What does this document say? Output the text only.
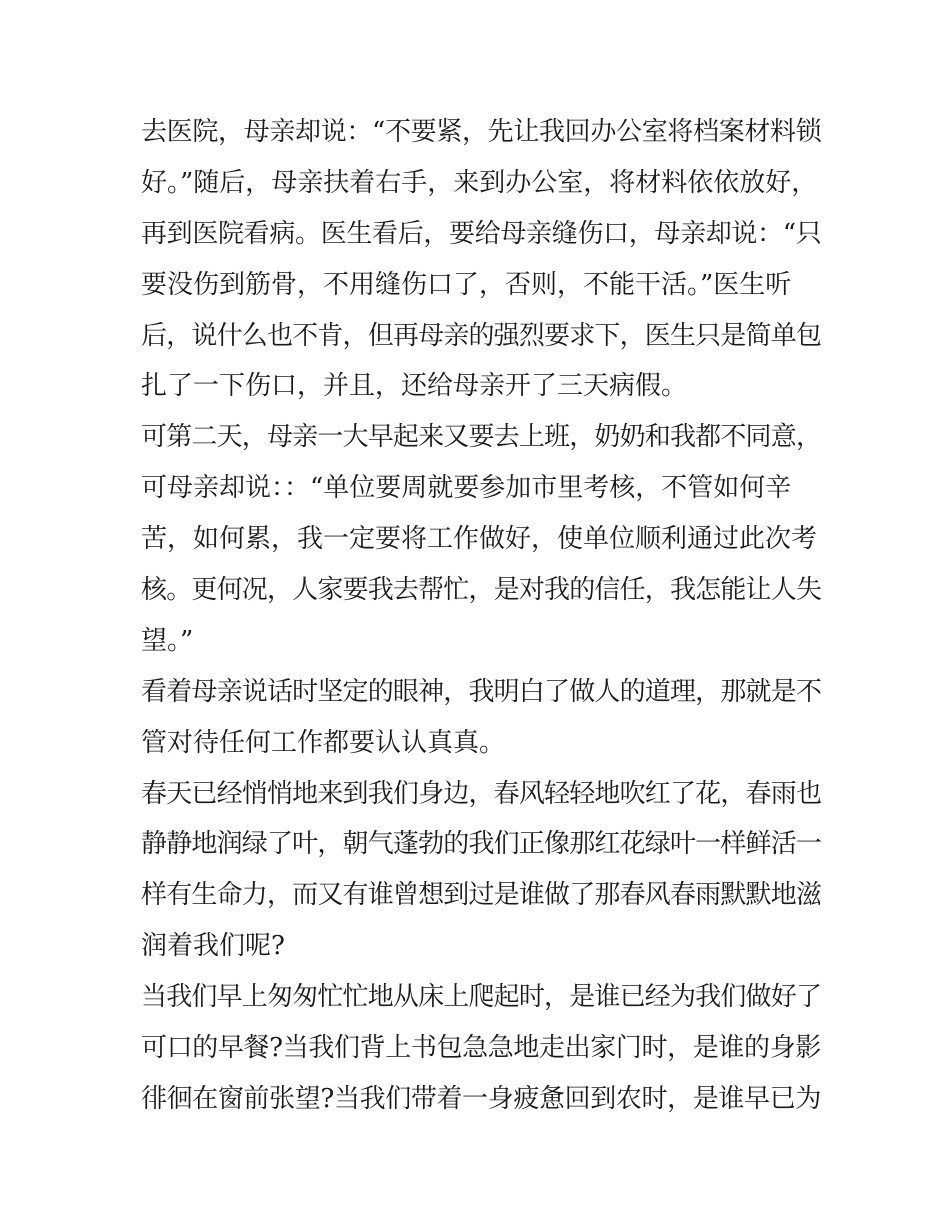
去医院，母亲却说：“不要紧，先让我回办公室将档案材料锁
好。”随后，母亲扶着右手，来到办公室，将材料依依放好，
再到医院看病。医生看后，要给母亲缝伤口，母亲却说：“只
要没伤到筋骨，不用缝伤口了，否则，不能干活。”医生听
后，说什么也不肯，但再母亲的强烈要求下，医生只是简单包
扎了一下伤口，并且，还给母亲开了三天病假。
可第二天，母亲一大早起来又要去上班，奶奶和我都不同意，
可母亲却说：：“单位要周就要参加市里考核，不管如何辛
苦，如何累，我一定要将工作做好，使单位顺利通过此次考
核。更何况，人家要我去帮忙，是对我的信任，我怎能让人失
望。”
看着母亲说话时坚定的眼神，我明白了做人的道理，那就是不
管对待任何工作都要认认真真。
春天已经悄悄地来到我们身边，春风轻轻地吹红了花，春雨也
静静地润绿了叶，朝气蓬勃的我们正像那红花绿叶一样鲜活一
样有生命力，而又有谁曾想到过是谁做了那春风春雨默默地滋
润着我们呢?
当我们早上匆匆忙忙地从床上爬起时，是谁已经为我们做好了
可口的早餐?当我们背上书包急急地走出家门时，是谁的身影
徘徊在窗前张望?当我们带着一身疲惫回到农时，是谁早已为
